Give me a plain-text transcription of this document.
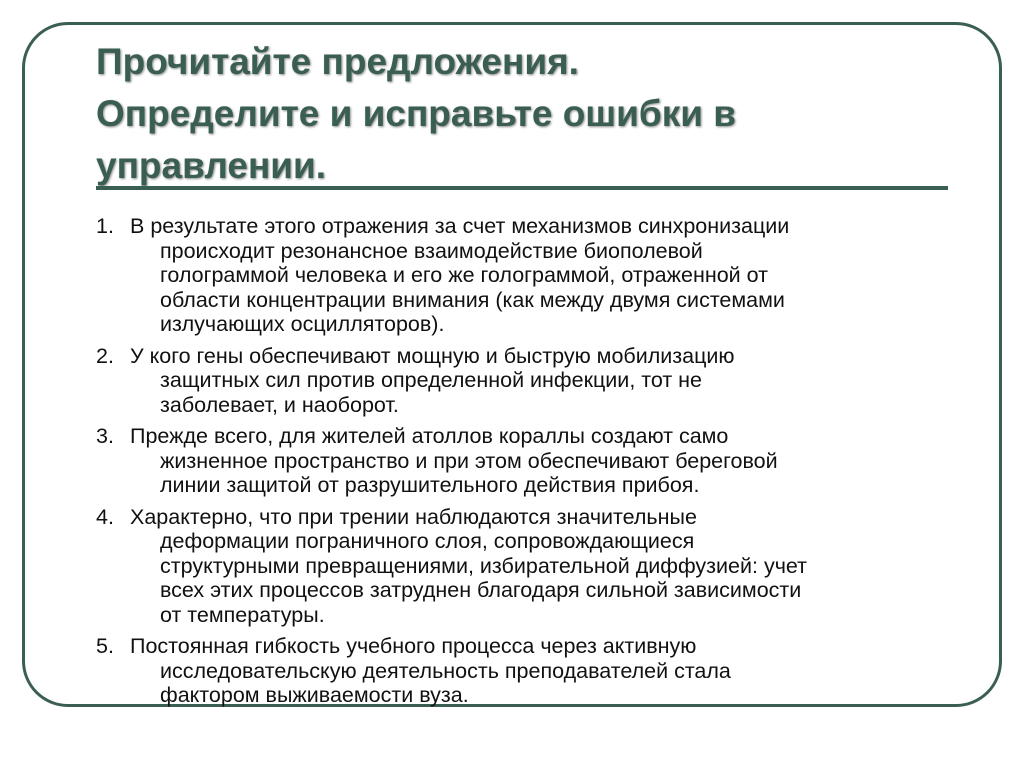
Прочитайте предложения.
Определите и исправьте ошибки в
управлении.
1. В результате этого отражения за счет механизмов синхронизации
происходит резонансное взаимодействие биополевой
голограммой человека и его же голограммой, отраженной от
области концентрации внимания (как между двумя системами
излучающих осцилляторов).
2. У кого гены обеспечивают мощную и быструю мобилизацию
защитных сил против определенной инфекции, тот не
заболевает, и наоборот.
3. Прежде всего, для жителей атоллов кораллы создают само
жизненное пространство и при этом обеспечивают береговой
линии защитой от разрушительного действия прибоя.
4. Характерно, что при трении наблюдаются значительные
деформации пограничного слоя, сопровождающиеся
структурными превращениями, избирательной диффузией: учет
всех этих процессов затруднен благодаря сильной зависимости
от температуры.
5. Постоянная гибкость учебного процесса через активную
исследовательскую деятельность преподавателей стала
фактором выживаемости вуза.
